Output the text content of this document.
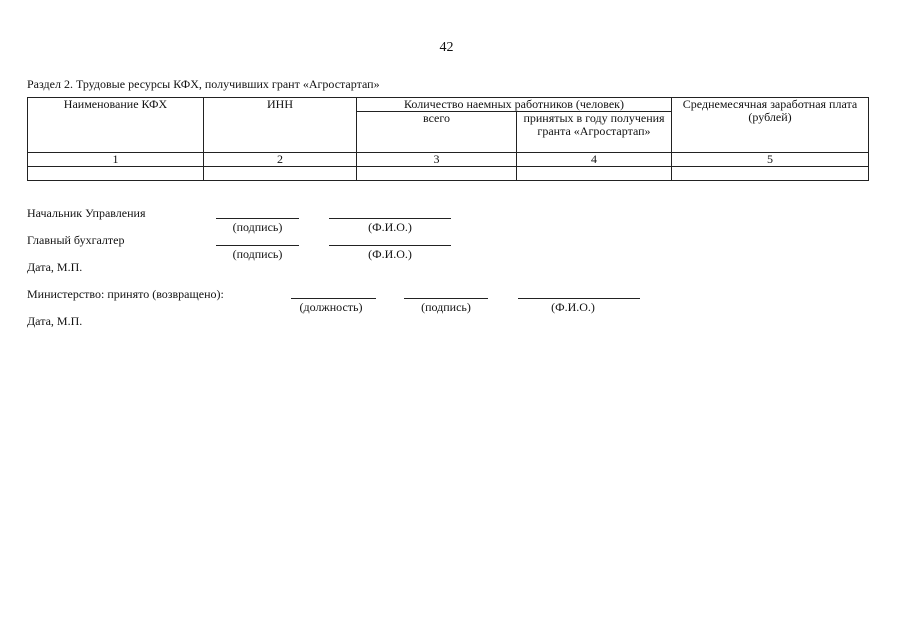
42
Раздел 2. Трудовые ресурсы КФХ, получивших грант «Агростартап»
Наименование КФХ	ИНН	Количество наемных работников (человек)		Среднемесячная заработная плата (рублей)
		всего	принятых в году получения гранта «Агростартап»	
1	2	3	4	5

Начальник Управления
(подпись)	(Ф.И.О.)
Главный бухгалтер
(подпись)	(Ф.И.О.)
Дата, М.П.
Министерство: принято (возвращено):
(должность)	(подпись)	(Ф.И.О.)
Дата, М.П.
